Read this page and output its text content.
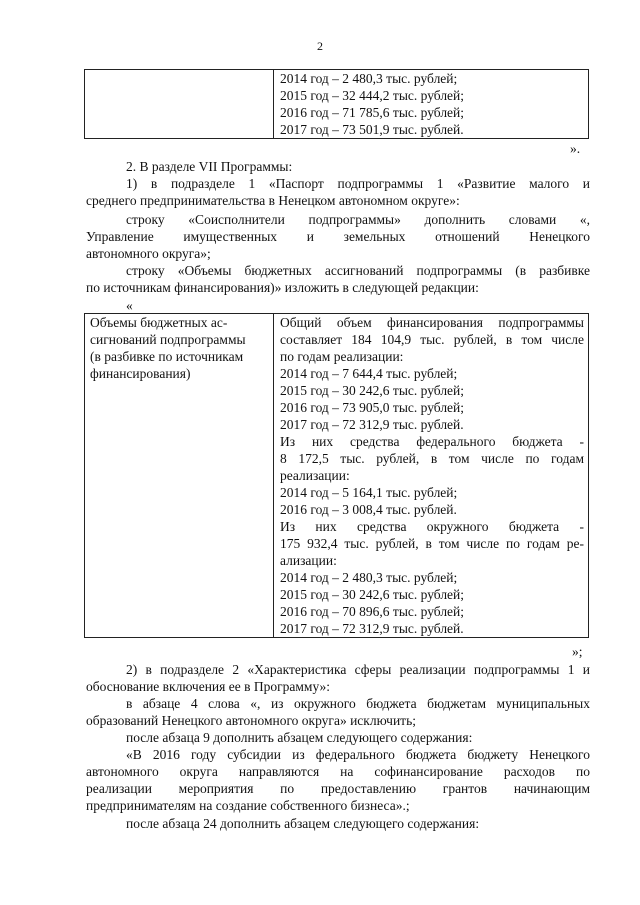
2

2014 год – 2 480,3 тыс. рублей;
2015 год – 32 444,2 тыс. рублей;
2016 год – 71 785,6 тыс. рублей;
2017 год – 73 501,9 тыс. рублей.
».
2. В разделе VII Программы:
1) в подразделе 1 «Паспорт подпрограммы 1 «Развитие малого и
среднего предпринимательства в Ненецком автономном округе»:
строку «Соисполнители подпрограммы» дополнить словами «,
Управление имущественных и земельных отношений Ненецкого
автономного округа»;
строку «Объемы бюджетных ассигнований подпрограммы (в разбивке
по источникам финансирования)» изложить в следующей редакции:
«
Объемы бюджетных ас-
сигнований подпрограммы
(в разбивке по источникам
финансирования)

Общий объем финансирования подпрограммы
составляет 184 104,9 тыс. рублей, в том числе
по годам реализации:
2014 год – 7 644,4 тыс. рублей;
2015 год – 30 242,6 тыс. рублей;
2016 год – 73 905,0 тыс. рублей;
2017 год – 72 312,9 тыс. рублей.
Из них средства федерального бюджета -
8 172,5 тыс. рублей, в том числе по годам
реализации:
2014 год – 5 164,1 тыс. рублей;
2016 год – 3 008,4 тыс. рублей.
Из них средства окружного бюджета -
175 932,4 тыс. рублей, в том числе по годам ре-
ализации:
2014 год – 2 480,3 тыс. рублей;
2015 год – 30 242,6 тыс. рублей;
2016 год – 70 896,6 тыс. рублей;
2017 год – 72 312,9 тыс. рублей.
»;
2) в подразделе 2 «Характеристика сферы реализации подпрограммы 1 и
обоснование включения ее в Программу»:
в абзаце 4 слова «, из окружного бюджета бюджетам муниципальных
образований Ненецкого автономного округа» исключить;
после абзаца 9 дополнить абзацем следующего содержания:
«В 2016 году субсидии из федерального бюджета бюджету Ненецкого
автономного округа направляются на софинансирование расходов по
реализации мероприятия по предоставлению грантов начинающим
предпринимателям на создание собственного бизнеса».;
после абзаца 24 дополнить абзацем следующего содержания:
